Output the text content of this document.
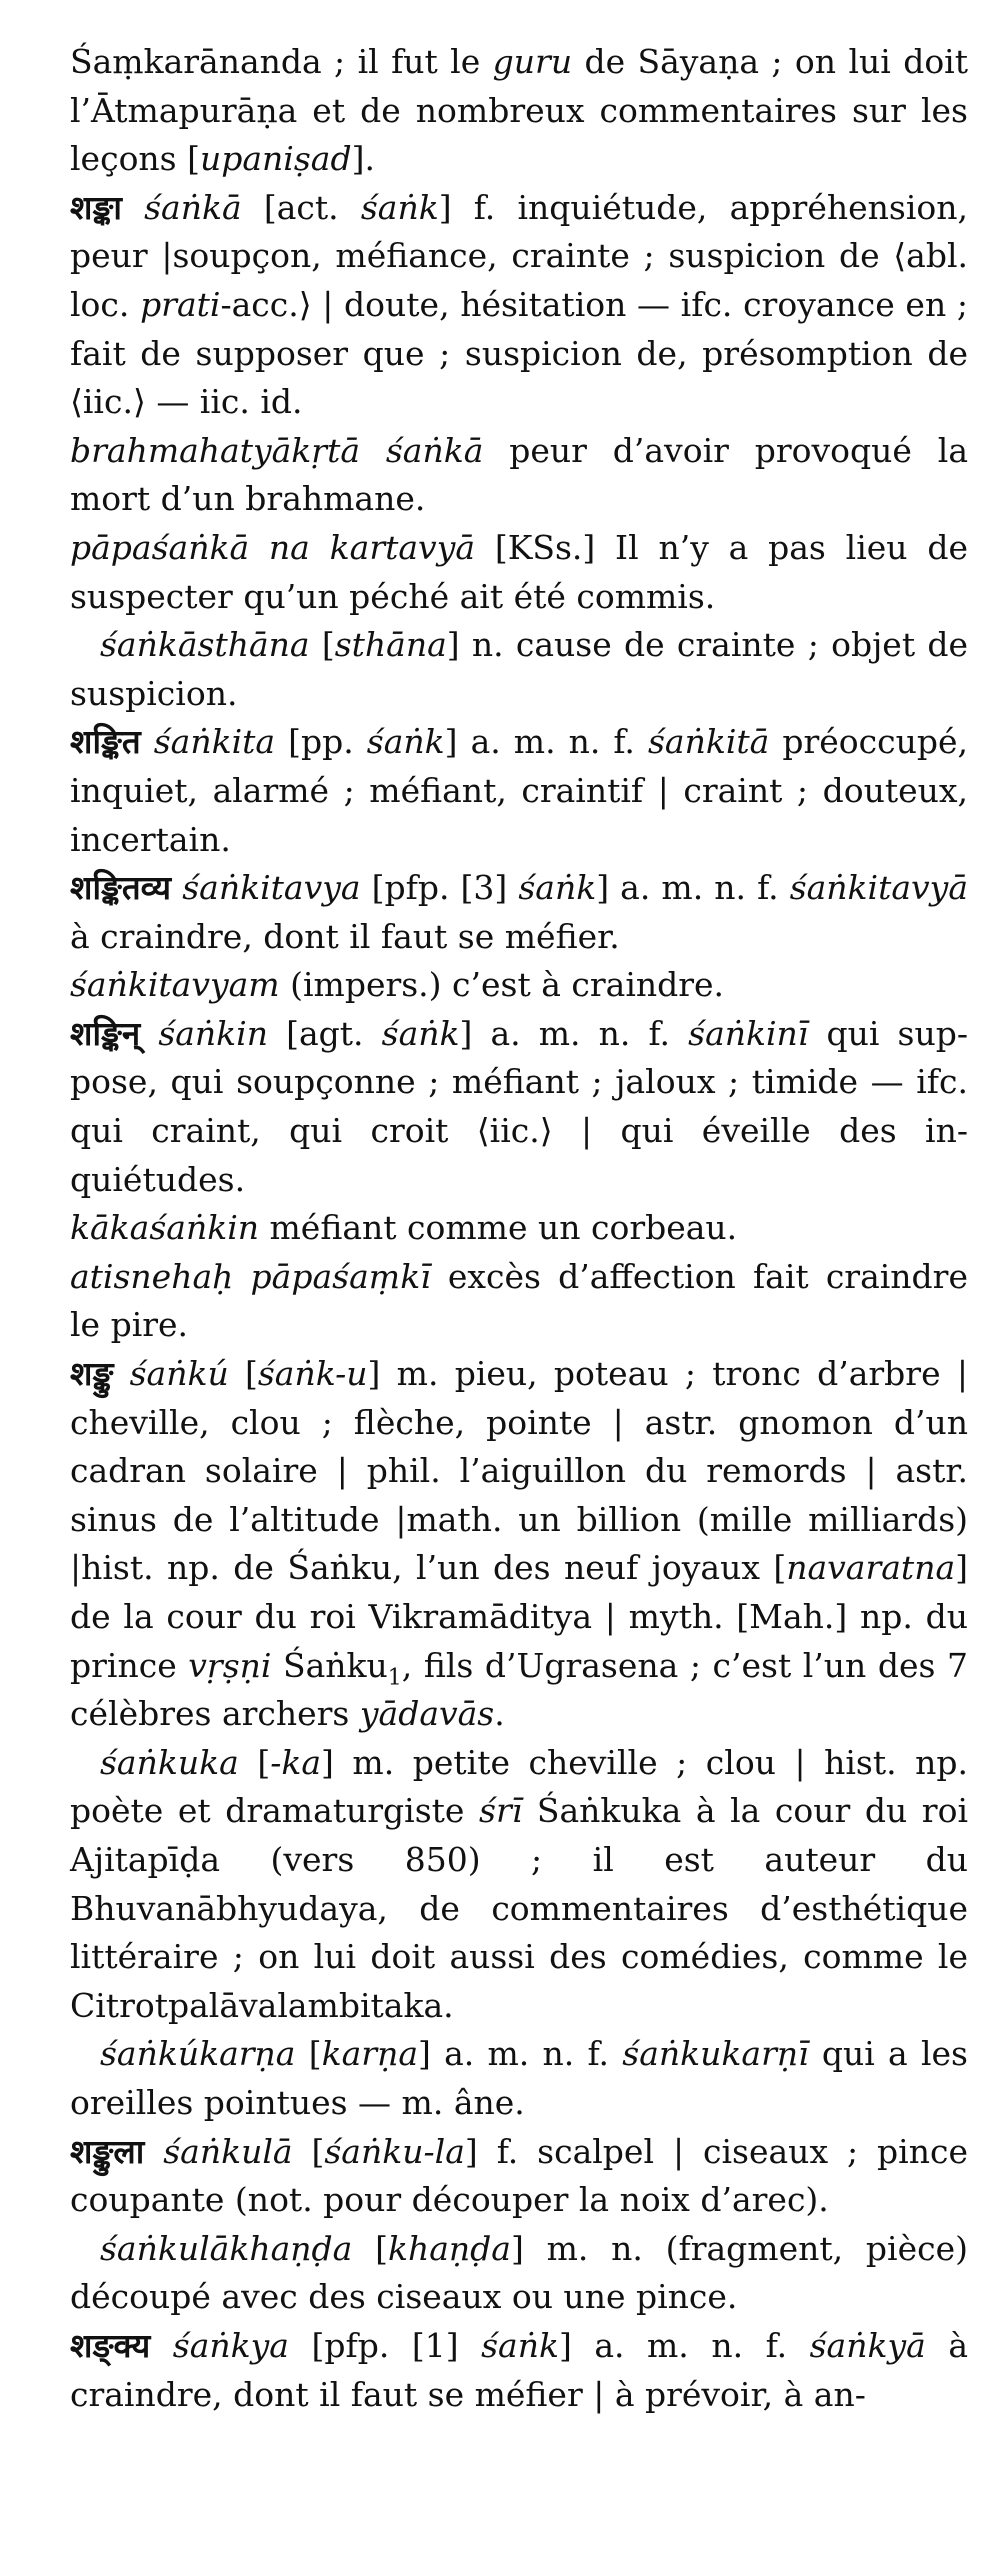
Śaṃkarānanda ; il fut le guru de Sāyaṇa ; on lui doit l’Ātmapurāṇa et de nombreux commentaires sur les leçons [upaniṣad].

शङ्का śaṅkā [act. śaṅk] f. inquiétude, appréhension, peur |soupçon, méfiance, crainte ; suspicion de ⟨abl. loc. prati-acc.⟩ | doute, hésitation — ifc. croyance en ; fait de supposer que ; suspicion de, présomption de ⟨iic.⟩ — iic. id.

brahmahatyākṛtā śaṅkā peur d’avoir provoqué la mort d’un brahmane.

pāpaśaṅkā na kartavyā [KSs.] Il n’y a pas lieu de suspecter qu’un péché ait été commis.

śaṅkāsthāna [sthāna] n. cause de crainte ; objet de suspicion.

शङ्कित śaṅkita [pp. śaṅk] a. m. n. f. śaṅkitā préoccupé, inquiet, alarmé ; méfiant, craintif | craint ; douteux, incertain.

शङ्कितव्य śaṅkitavya [pfp. [3] śaṅk] a. m. n. f. śaṅkitavyā à craindre, dont il faut se méfier.

śaṅkitavyam (impers.) c’est à craindre.

शङ्किन् śaṅkin [agt. śaṅk] a. m. n. f. śaṅkinī qui suppose, qui soupçonne ; méfiant ; jaloux ; timide — ifc. qui craint, qui croit ⟨iic.⟩ | qui éveille des inquiétudes.

kākaśaṅkin méfiant comme un corbeau.

atisnehaḥ pāpaśaṃkī excès d’affection fait craindre le pire.

शङ्कु śaṅkú [śaṅk-u] m. pieu, poteau ; tronc d’arbre | cheville, clou ; flèche, pointe | astr. gnomon d’un cadran solaire | phil. l’aiguillon du remords | astr. sinus de l’altitude |math. un billion (mille milliards) |hist. np. de Śaṅku, l’un des neuf joyaux [navaratna] de la cour du roi Vikramāditya | myth. [Mah.] np. du prince vṛṣṇi Śaṅku$_1$, fils d’Ugrasena ; c’est l’un des 7 célèbres archers yādavās.

śaṅkuka [-ka] m. petite cheville ; clou | hist. np. poète et dramaturgiste śrī Śaṅkuka à la cour du roi Ajitapīḍa (vers 850) ; il est auteur du Bhuvanābhyudaya, de commentaires d’esthétique littéraire ; on lui doit aussi des comédies, comme le Citrotpalāvalambitaka.

śaṅkúkarṇa [karṇa] a. m. n. f. śaṅkukarṇī qui a les oreilles pointues — m. âne.

शङ्कुला śaṅkulā [śaṅku-la] f. scalpel | ciseaux ; pince coupante (not. pour découper la noix d’arec).

śaṅkulākhaṇḍa [khaṇḍa] m. n. (fragment, pièce) découpé avec des ciseaux ou une pince.

शङ्क्य śaṅkya [pfp. [1] śaṅk] a. m. n. f. śaṅkyā à craindre, dont il faut se méfier | à prévoir, à an-
